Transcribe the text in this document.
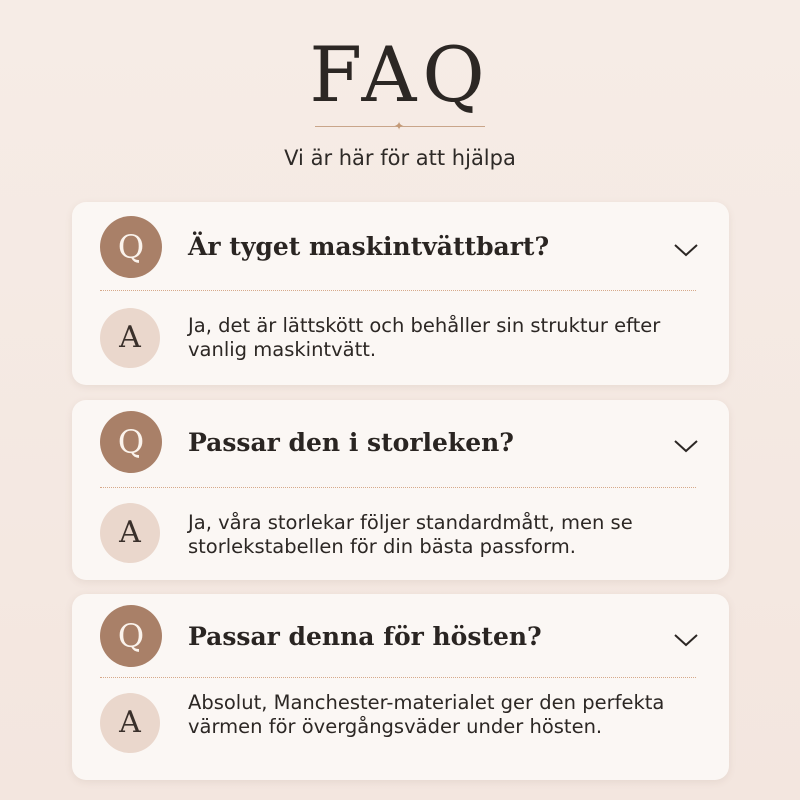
FAQ
✦
Vi är här för att hjälpa
Q	Är tyget maskintvättbart?
A	Ja, det är lättskött och behåller sin struktur efter vanlig maskintvätt.
Q	Passar den i storleken?
A	Ja, våra storlekar följer standardmått, men se storlekstabellen för din bästa passform.
Q	Passar denna för hösten?
A
Absolut, Manchester-materialet ger den perfekta värmen för övergångsväder under hösten.
